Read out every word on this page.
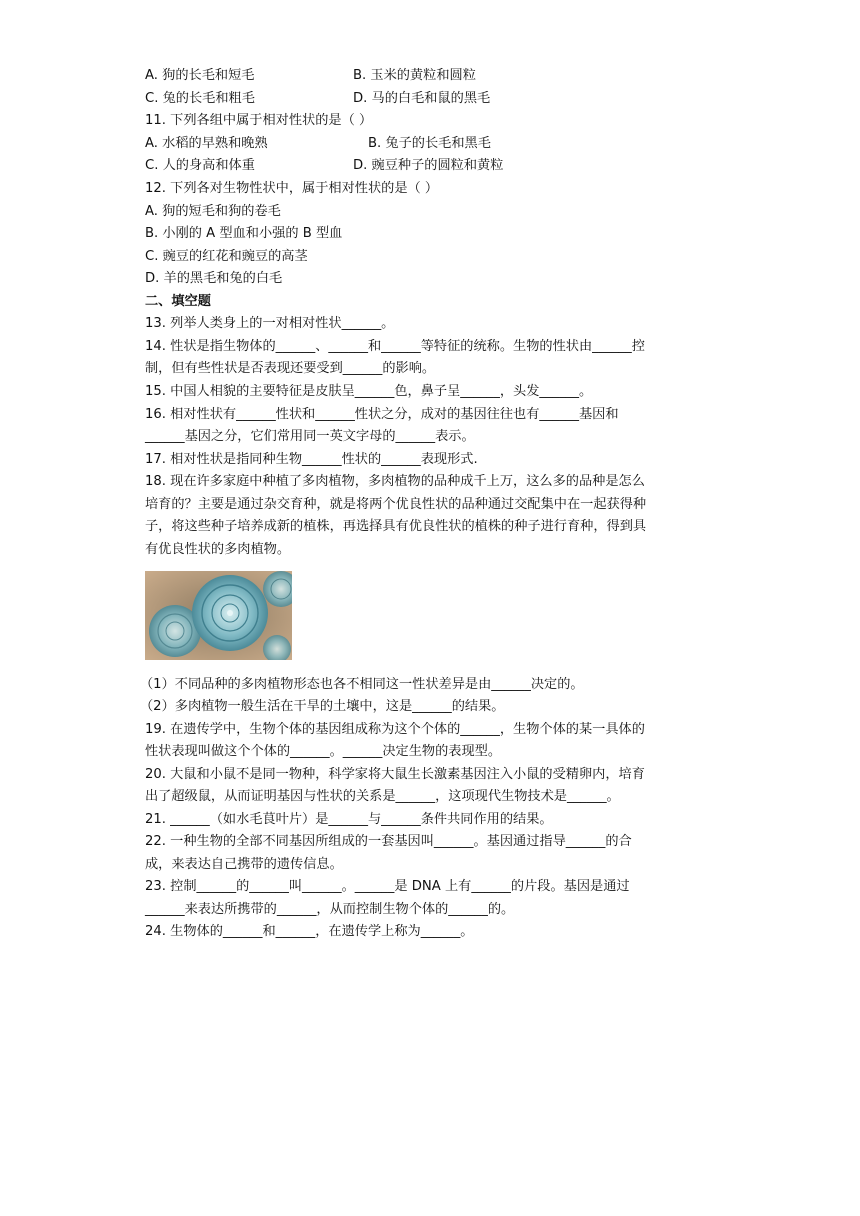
A. 狗的长毛和短毛	B. 玉米的黄粒和圆粒
C. 兔的长毛和粗毛	D. 马的白毛和鼠的黑毛
11. 下列各组中属于相对性状的是（ ）
A. 水稻的早熟和晚熟	B. 兔子的长毛和黑毛
C. 人的身高和体重	D. 豌豆种子的圆粒和黄粒
12. 下列各对生物性状中，属于相对性状的是（ ）
A. 狗的短毛和狗的卷毛
B. 小刚的 A 型血和小强的 B 型血
C. 豌豆的红花和豌豆的高茎
D. 羊的黑毛和兔的白毛
二、填空题
13. 列举人类身上的一对相对性状______。
14. 性状是指生物体的______、______和______等特征的统称。生物的性状由______控
制，但有些性状是否表现还要受到______的影响。
15. 中国人相貌的主要特征是皮肤呈______色，鼻子呈______，头发______。
16. 相对性状有______性状和______性状之分，成对的基因往往也有______基因和
______基因之分，它们常用同一英文字母的______表示。
17. 相对性状是指同种生物______性状的______表现形式.
18. 现在许多家庭中种植了多肉植物，多肉植物的品种成千上万，这么多的品种是怎么
培育的？主要是通过杂交育种，就是将两个优良性状的品种通过交配集中在一起获得种
子，将这些种子培养成新的植株，再选择具有优良性状的植株的种子进行育种，得到具
有优良性状的多肉植物。
（1）不同品种的多肉植物形态也各不相同这一性状差异是由______决定的。
（2）多肉植物一般生活在干旱的土壤中，这是______的结果。
19. 在遗传学中，生物个体的基因组成称为这个个体的______，生物个体的某一具体的
性状表现叫做这个个体的______。______决定生物的表现型。
20. 大鼠和小鼠不是同一物种，科学家将大鼠生长激素基因注入小鼠的受精卵内，培育
出了超级鼠，从而证明基因与性状的关系是______，这项现代生物技术是______。
21. ______（如水毛茛叶片）是______与______条件共同作用的结果。
22. 一种生物的全部不同基因所组成的一套基因叫______。基因通过指导______的合
成，来表达自己携带的遗传信息。
23. 控制______的______叫______。______是 DNA 上有______的片段。基因是通过
______来表达所携带的______，从而控制生物个体的______的。
24. 生物体的______和______，在遗传学上称为______。
